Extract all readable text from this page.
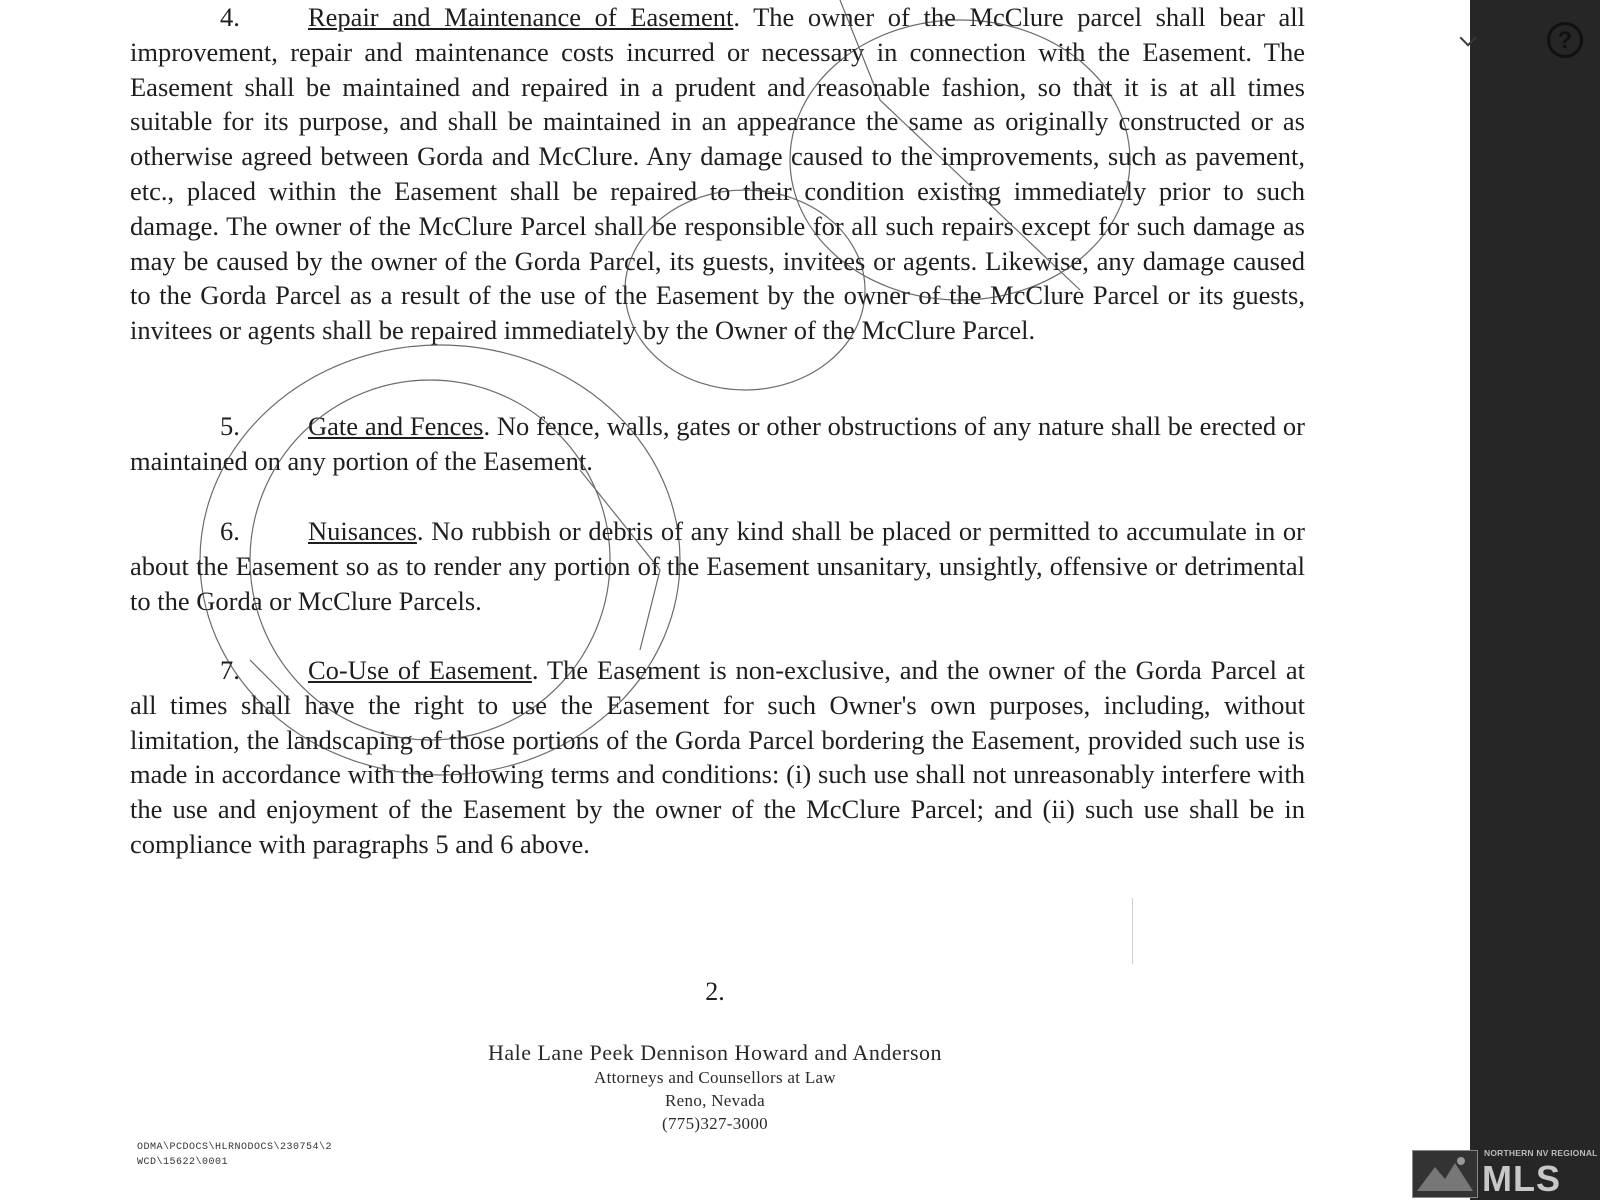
4.	Repair and Maintenance of Easement. The owner of the McClure parcel shall bear all improvement, repair and maintenance costs incurred or necessary in connection with the Easement. The Easement shall be maintained and repaired in a prudent and reasonable fashion, so that it is at all times suitable for its purpose, and shall be maintained in an appearance the same as originally constructed or as otherwise agreed between Gorda and McClure. Any damage caused to the improvements, such as pavement, etc., placed within the Easement shall be repaired to their condition existing immediately prior to such damage. The owner of the McClure Parcel shall be responsible for all such repairs except for such damage as may be caused by the owner of the Gorda Parcel, its guests, invitees or agents. Likewise, any damage caused to the Gorda Parcel as a result of the use of the Easement by the owner of the McClure Parcel or its guests, invitees or agents shall be repaired immediately by the Owner of the McClure Parcel.

5.	Gate and Fences. No fence, walls, gates or other obstructions of any nature shall be erected or maintained on any portion of the Easement.

6.	Nuisances. No rubbish or debris of any kind shall be placed or permitted to accumulate in or about the Easement so as to render any portion of the Easement unsanitary, unsightly, offensive or detrimental to the Gorda or McClure Parcels.

7.	Co-Use of Easement. The Easement is non-exclusive, and the owner of the Gorda Parcel at all times shall have the right to use the Easement for such Owner's own purposes, including, without limitation, the landscaping of those portions of the Gorda Parcel bordering the Easement, provided such use is made in accordance with the following terms and conditions: (i) such use shall not unreasonably interfere with the use and enjoyment of the Easement by the owner of the McClure Parcel; and (ii) such use shall be in compliance with paragraphs 5 and 6 above.

2.
Hale Lane Peek Dennison Howard and Anderson
Attorneys and Counsellors at Law
Reno, Nevada
(775)327-3000
ODMA\PCDOCS\HLRNODOCS\230754\2
WCD\15622\0001
?
NORTHERN NV REGIONAL
MLS
